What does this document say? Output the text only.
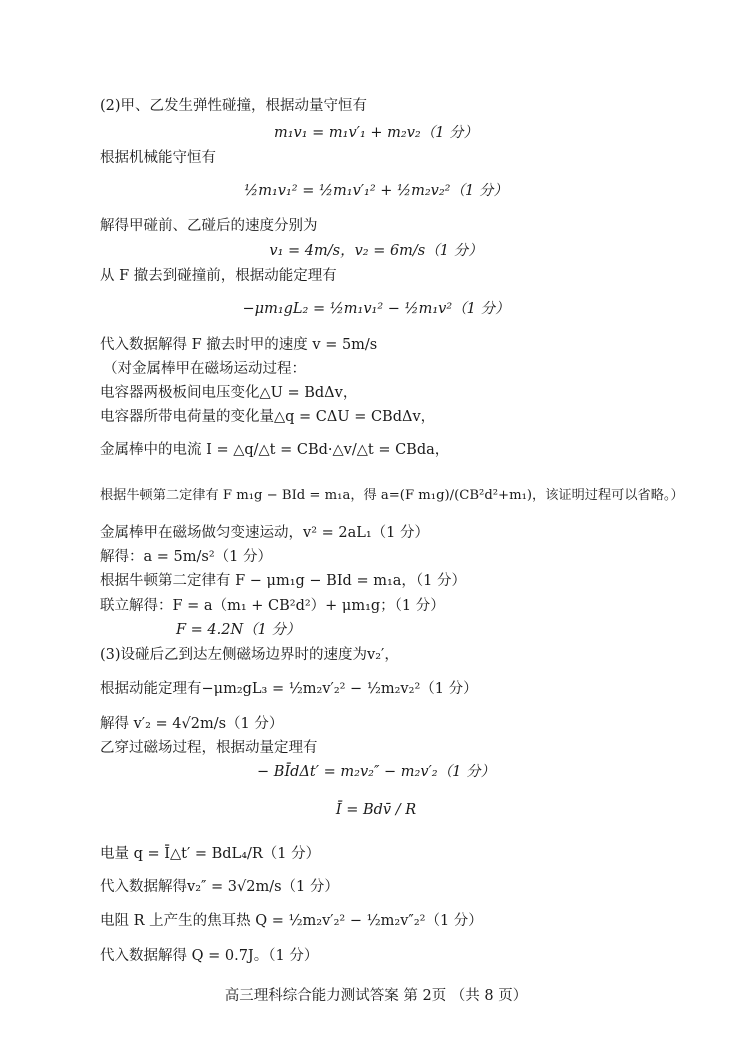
(2)甲、乙发生弹性碰撞，根据动量守恒有
m₁v₁ = m₁v′₁ + m₂v₂（1 分）
根据机械能守恒有
½m₁v₁² = ½m₁v′₁² + ½m₂v₂²（1 分）
解得甲碰前、乙碰后的速度分别为
v₁ = 4m/s，v₂ = 6m/s（1 分）
从 F 撤去到碰撞前，根据动能定理有
−μm₁gL₂ = ½m₁v₁² − ½m₁v²（1 分）
代入数据解得 F 撤去时甲的速度 v = 5m/s
（对金属棒甲在磁场运动过程：
电容器两极板间电压变化△U = BdΔv，
电容器所带电荷量的变化量△q = CΔU = CBdΔv，
金属棒中的电流 I = △q/△t = CBd·△v/△t = CBda，
根据牛顿第二定律有 F m₁g − BId = m₁a，得 a=(F m₁g)/(CB²d²+m₁)，该证明过程可以省略。）
金属棒甲在磁场做匀变速运动，v² = 2aL₁（1 分）
解得：a = 5m/s²（1 分）
根据牛顿第二定律有 F − μm₁g − BId = m₁a，（1 分）
联立解得：F = a（m₁ + CB²d²）+ μm₁g；（1 分）
F = 4.2N（1 分）
(3)设碰后乙到达左侧磁场边界时的速度为v₂′，
根据动能定理有−μm₂gL₃ = ½m₂v′₂² − ½m₂v₂²（1 分）
解得 v′₂ = 4√2m/s（1 分）
乙穿过磁场过程，根据动量定理有
− BĪdΔt′ = m₂v₂″ − m₂v′₂（1 分）
Ī = Bdv̄ / R
电量 q = Ī△t′ = BdL₄/R（1 分）
代入数据解得v₂″ = 3√2m/s（1 分）
电阻 R 上产生的焦耳热 Q = ½m₂v′₂² − ½m₂v″₂²（1 分）
代入数据解得 Q = 0.7J。（1 分）
高三理科综合能力测试答案 第 2页 （共 8 页）
